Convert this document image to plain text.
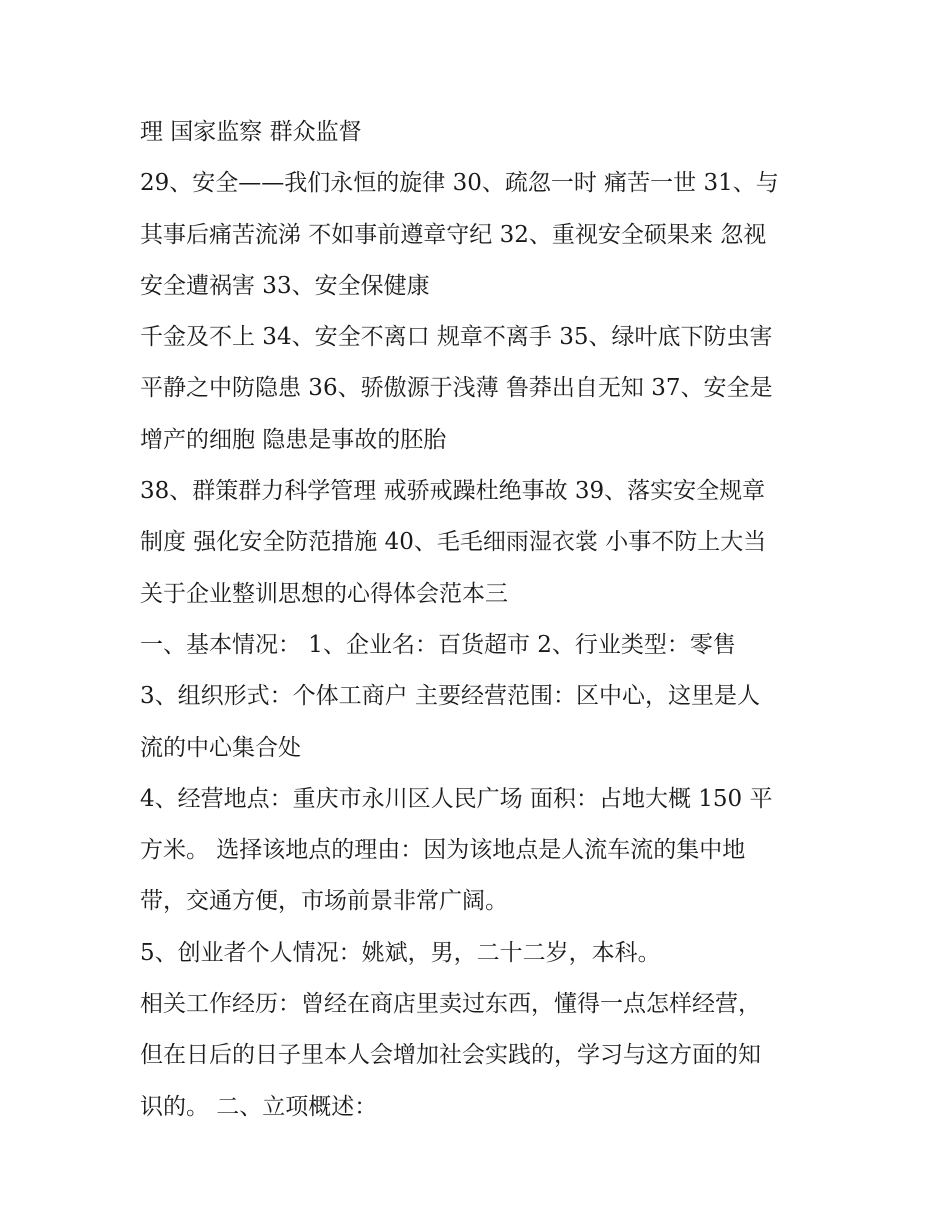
理 国家监察 群众监督
29、安全——我们永恒的旋律 30、疏忽一时 痛苦一世 31、与
其事后痛苦流涕 不如事前遵章守纪 32、重视安全硕果来 忽视
安全遭祸害 33、安全保健康
千金及不上 34、安全不离口 规章不离手 35、绿叶底下防虫害
平静之中防隐患 36、骄傲源于浅薄 鲁莽出自无知 37、安全是
增产的细胞 隐患是事故的胚胎
38、群策群力科学管理 戒骄戒躁杜绝事故 39、落实安全规章
制度 强化安全防范措施 40、毛毛细雨湿衣裳 小事不防上大当
关于企业整训思想的心得体会范本三
一、基本情况： 1、企业名：百货超市 2、行业类型：零售
3、组织形式：个体工商户 主要经营范围：区中心，这里是人
流的中心集合处
4、经营地点：重庆市永川区人民广场 面积：占地大概 150 平
方米。 选择该地点的理由：因为该地点是人流车流的集中地
带，交通方便，市场前景非常广阔。
5、创业者个人情况：姚斌，男，二十二岁，本科。
相关工作经历：曾经在商店里卖过东西，懂得一点怎样经营，
但在日后的日子里本人会增加社会实践的，学习与这方面的知
识的。 二、立项概述：
